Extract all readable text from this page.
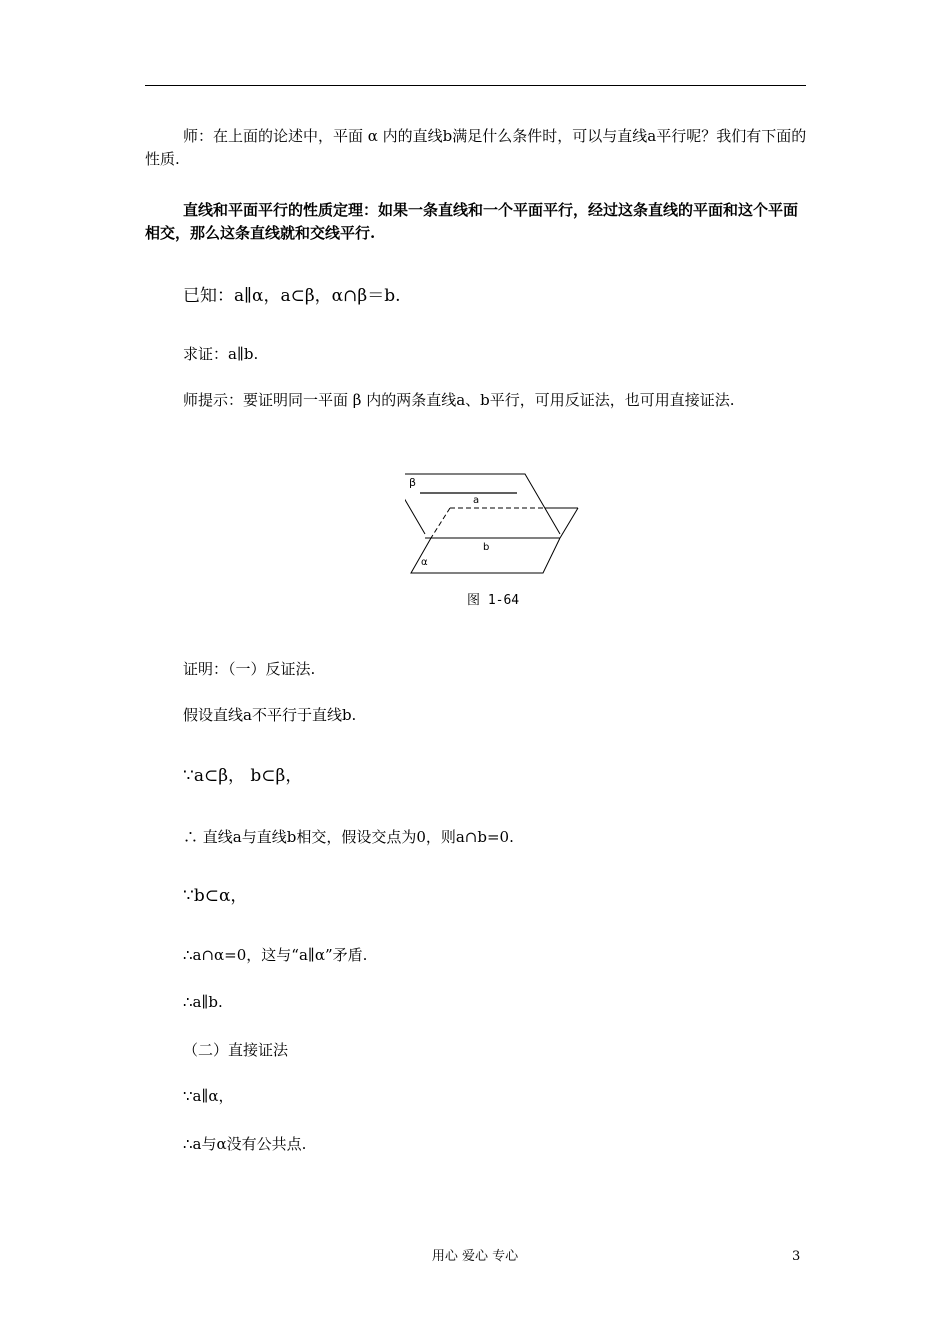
师：在上面的论述中，平面 α 内的直线b满足什么条件时，可以与直线a平行呢？我们有下面的性质.
直线和平面平行的性质定理：如果一条直线和一个平面平行，经过这条直线的平面和这个平面相交，那么这条直线就和交线平行.
已知：a∥α，a⊂β，α∩β＝b.
求证：a∥b.
师提示：要证明同一平面 β 内的两条直线a、b平行，可用反证法，也可用直接证法.
β
a
b
α
图 1-64
证明：（一）反证法.
假设直线a不平行于直线b.
∵a⊂β， b⊂β，
∴ 直线a与直线b相交，假设交点为0，则a∩b=0.
∵b⊂α，
∴a∩α=0，这与“a∥α”矛盾.
∴a∥b.
（二）直接证法
∵a∥α，
∴a与α没有公共点.
用心 爱心 专心	3
